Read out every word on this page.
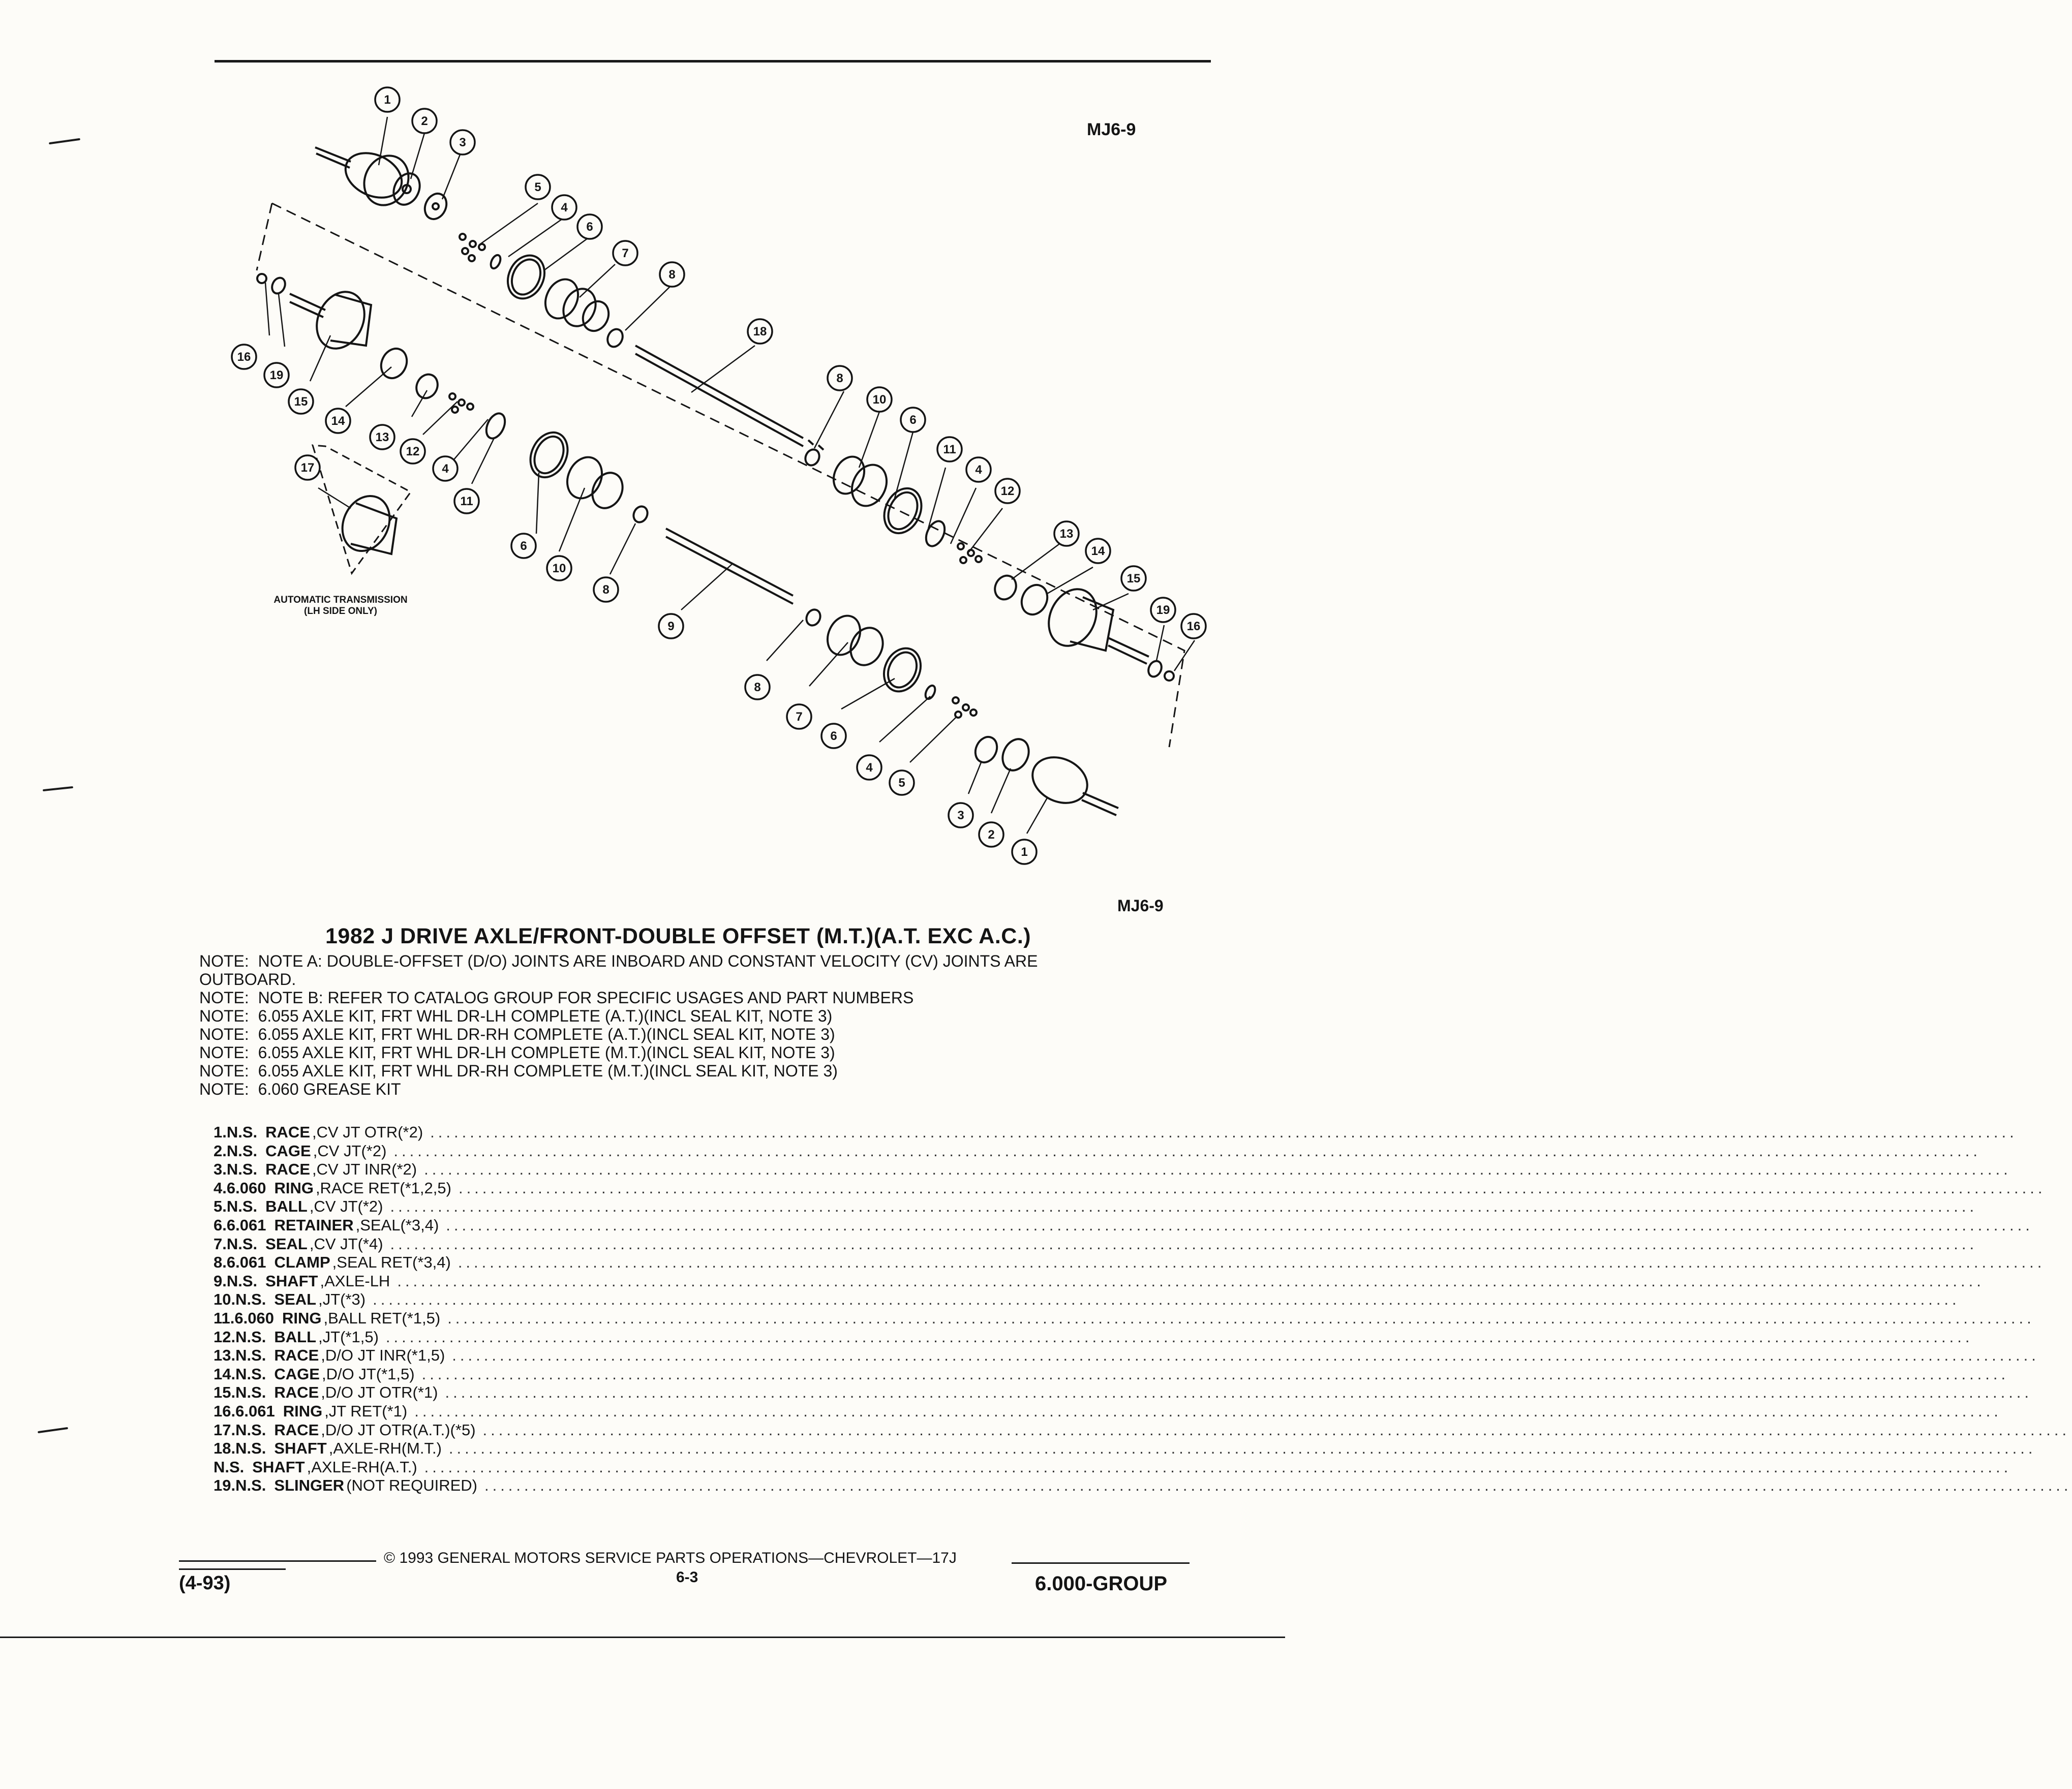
MJ6-9
MJ6-9
1
2
3
5
4
6
7
8
18
8
10
6
11
4
12
13
14
15
19
16
16
19
15
14
13
12
4
11
17
6
10
8
9
8
7
6
4
5
3
2
1
AUTOMATIC TRANSMISSION
(LH SIDE ONLY)
1982 J DRIVE AXLE/FRONT-DOUBLE OFFSET (M.T.)(A.T. EXC A.C.)
NOTE:  NOTE A: DOUBLE-OFFSET (D/O) JOINTS ARE INBOARD AND CONSTANT VELOCITY (CV) JOINTS ARE
OUTBOARD.
NOTE:  NOTE B: REFER TO CATALOG GROUP FOR SPECIFIC USAGES AND PART NUMBERS
NOTE:  6.055 AXLE KIT, FRT WHL DR-LH COMPLETE (A.T.)(INCL SEAL KIT, NOTE 3)
NOTE:  6.055 AXLE KIT, FRT WHL DR-RH COMPLETE (A.T.)(INCL SEAL KIT, NOTE 3)
NOTE:  6.055 AXLE KIT, FRT WHL DR-LH COMPLETE (M.T.)(INCL SEAL KIT, NOTE 3)
NOTE:  6.055 AXLE KIT, FRT WHL DR-RH COMPLETE (M.T.)(INCL SEAL KIT, NOTE 3)
NOTE:  6.060 GREASE KIT
1. N.S. RACE ,CV JT OTR(*2) ........................................................................................................................................................................................................
2. N.S. CAGE ,CV JT(*2) ........................................................................................................................................................................................................
3. N.S. RACE ,CV JT INR(*2) ........................................................................................................................................................................................................
4. 6.060 RING ,RACE RET(*1,2,5) ........................................................................................................................................................................................................
5. N.S. BALL ,CV JT(*2) ........................................................................................................................................................................................................
6. 6.061 RETAINER ,SEAL(*3,4) ........................................................................................................................................................................................................
7. N.S. SEAL ,CV JT(*4) ........................................................................................................................................................................................................
8. 6.061 CLAMP ,SEAL RET(*3,4) ........................................................................................................................................................................................................
9. N.S. SHAFT ,AXLE-LH ........................................................................................................................................................................................................
10. N.S. SEAL ,JT(*3) ........................................................................................................................................................................................................
11. 6.060 RING ,BALL RET(*1,5) ........................................................................................................................................................................................................
12. N.S. BALL ,JT(*1,5) ........................................................................................................................................................................................................
13. N.S. RACE ,D/O JT INR(*1,5) ........................................................................................................................................................................................................
14. N.S. CAGE ,D/O JT(*1,5) ........................................................................................................................................................................................................
15. N.S. RACE ,D/O JT OTR(*1) ........................................................................................................................................................................................................
16. 6.061 RING ,JT RET(*1) ........................................................................................................................................................................................................
17. N.S. RACE ,D/O JT OTR(A.T.)(*5) ........................................................................................................................................................................................................
18. N.S. SHAFT ,AXLE-RH(M.T.) ........................................................................................................................................................................................................
N.S. SHAFT ,AXLE-RH(A.T.) ........................................................................................................................................................................................................
19. N.S. SLINGER (NOT REQUIRED) ........................................................................................................................................................................................................
© 1993 GENERAL MOTORS SERVICE PARTS OPERATIONS—CHEVROLET—17J
(4-93)	6-3	6.000-GROUP
